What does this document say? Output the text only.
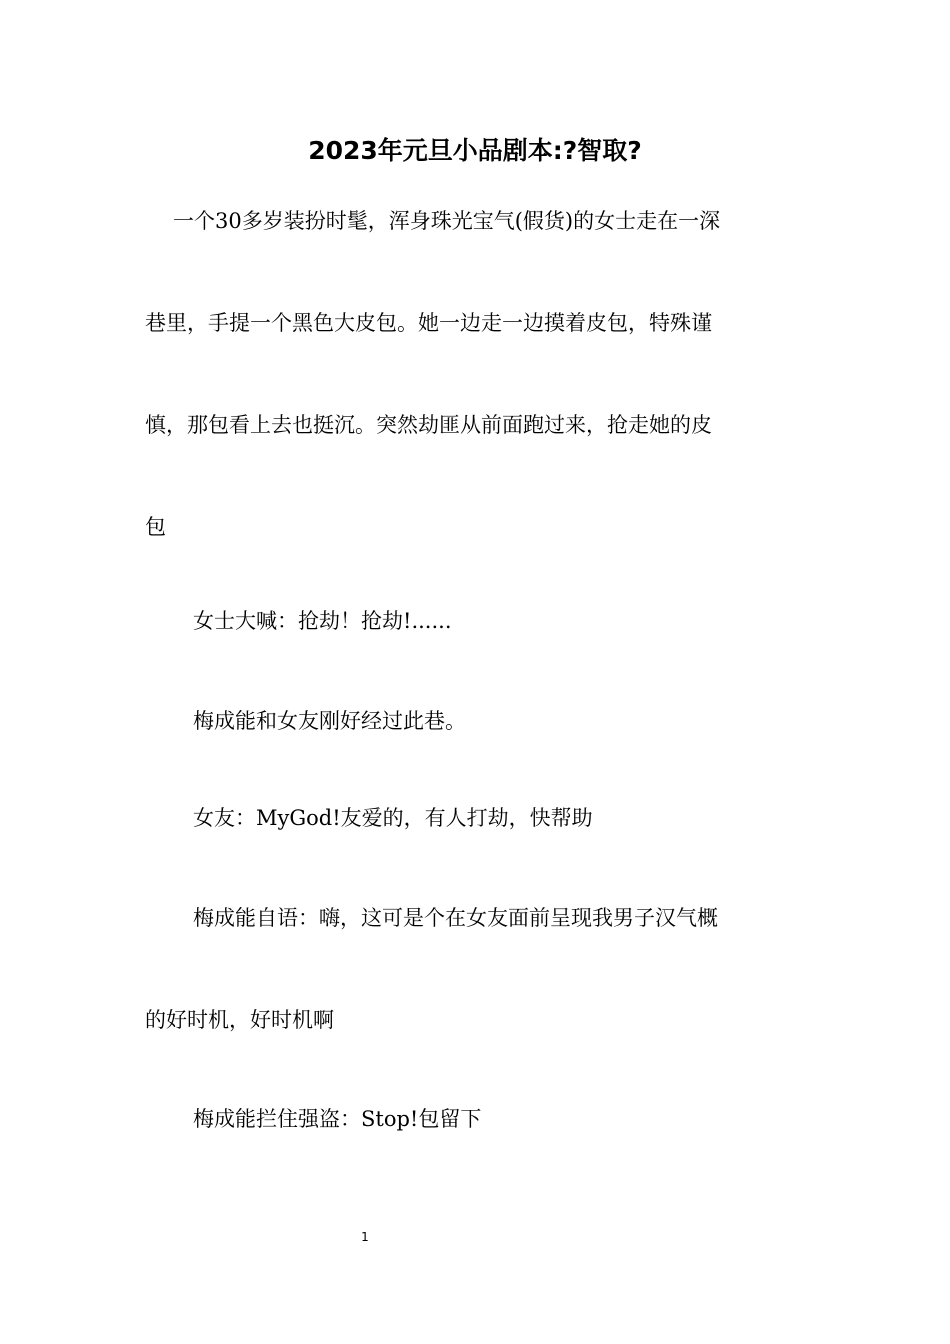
2023年元旦小品剧本:?智取?

一个30多岁装扮时髦，浑身珠光宝气(假货)的女士走在一深
巷里，手提一个黑色大皮包。她一边走一边摸着皮包，特殊谨
慎，那包看上去也挺沉。突然劫匪从前面跑过来，抢走她的皮
包

女士大喊：抢劫！抢劫!......

梅成能和女友刚好经过此巷。

女友：MyGod!友爱的，有人打劫，快帮助

梅成能自语：嗨，这可是个在女友面前呈现我男子汉气概
的好时机，好时机啊

梅成能拦住强盗：Stop!包留下

1
